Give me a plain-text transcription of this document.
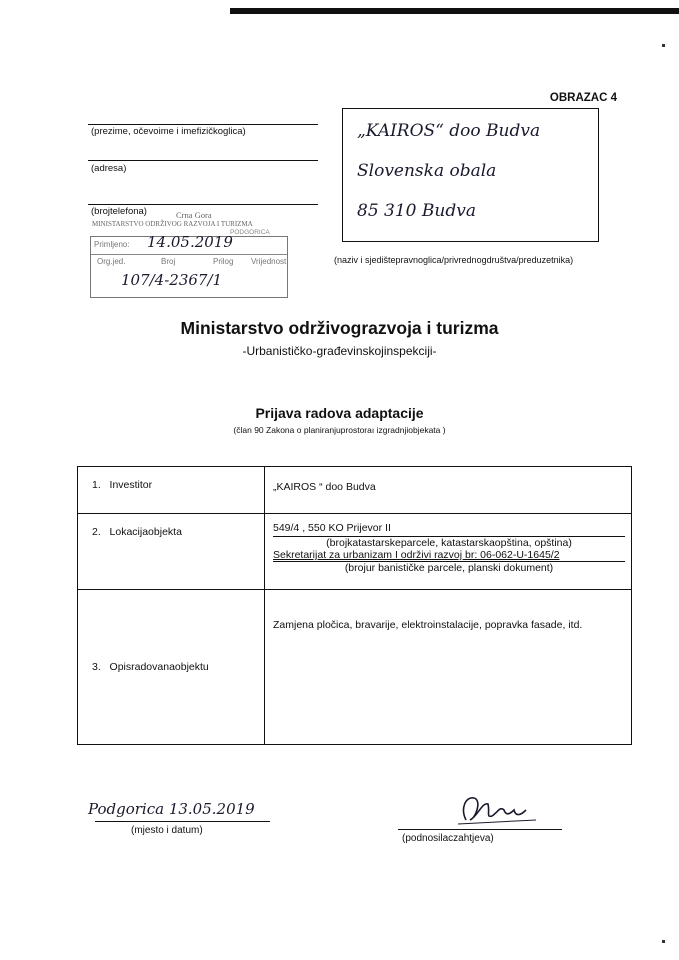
OBRAZAC 4
(prezime, očevoime i imefizičkoglica)
(adresa)
(brojtelefona)
„KAIROS“ doo Budva
Slovenska obala
85 310 Budva
(naziv i sjedištepravnoglica/privrednogdruštva/preduzetnika)
Crna Gora
MINISTARSTVO ODRŽIVOG RAZVOJA I TURIZMA
PODGORICA
Primljeno: 14.05.2019
Org.jed.	Broj	Prilog Vrijednost
107/4-2367/1
Ministarstvo održivograzvoja i turizma
-Urbanističko-građevinskojinspekciji-
Prijava radova adaptacije
(član 90 Zakona o planiranjuprostoraı izgradnjiobjekata )
1. Investitor	„KAIROS “ doo Budva
2. Lokacijaobjekta	549/4 , 550 KO Prijevor II
(brojkatastarskeparcele, katastarskaopština, opština)
Sekretarijat za urbanizam I održivi razvoj br: 06-062-U-1645/2
(brojur banističke parcele, planski dokument)

3. Opisradovanaobjektu	Zamjena pločica, bravarije, elektroinstalacije, popravka fasade, itd.
Podgorica 13.05.2019
(mjesto i datum)
(podnosilaczahtjeva)
